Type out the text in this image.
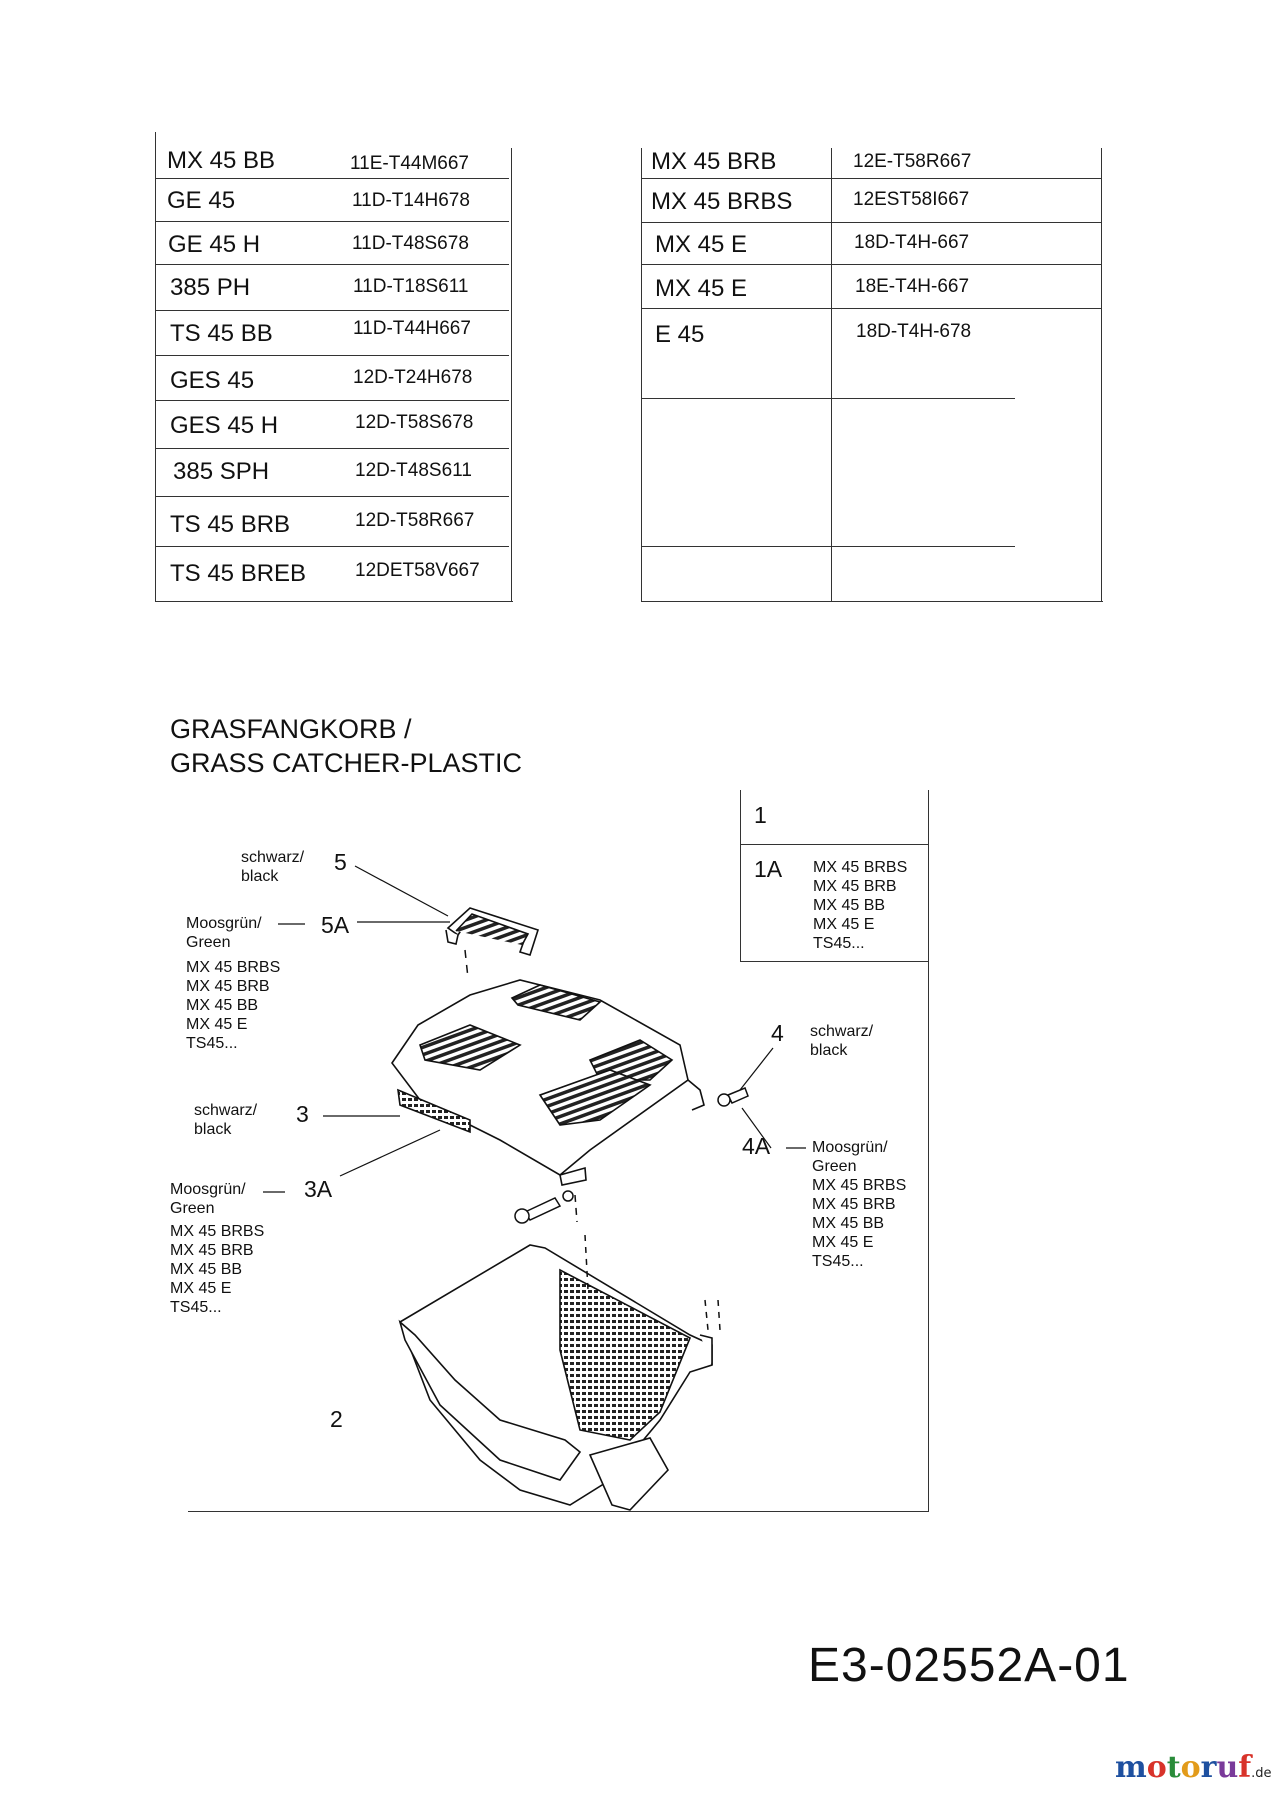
MX 45 BB	11E-T44M667
GE 45	11D-T14H678
GE 45 H	11D-T48S678
385 PH	11D-T18S611
TS 45 BB	11D-T44H667
GES 45	12D-T24H678
GES 45 H	12D-T58S678
385 SPH	12D-T48S611
TS 45 BRB	12D-T58R667
TS 45 BREB	12DET58V667
MX 45 BRB	12E-T58R667
MX 45 BRBS	12EST58I667
MX 45 E	18D-T4H-667
MX 45 E	18E-T4H-667
E 45	18D-T4H-678
GRASFANGKORB /
GRASS CATCHER-PLASTIC
1
1A MX 45 BRBS
MX 45 BRB
MX 45 BB
MX 45 E
TS45...
schwarz/
black
5
Moosgrün/
Green
MX 45 BRBS
MX 45 BRB
MX 45 BB
MX 45 E
TS45...
5A
4 schwarz/
black
4A	Moosgrün/
Green
MX 45 BRBS
MX 45 BRB
MX 45 BB
MX 45 E
TS45...
schwarz/
black
3
Moosgrün/
Green
MX 45 BRBS
MX 45 BRB
MX 45 BB
MX 45 E
TS45...
3A
2
E3-02552A-01
motoruf.de
